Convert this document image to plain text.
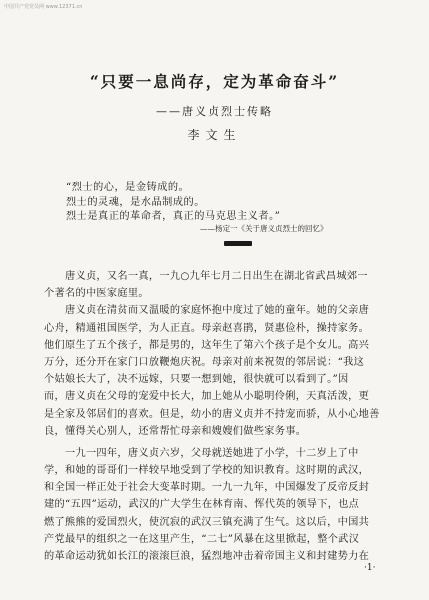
中国共产党党员网 www.12371.cn
“只要一息尚存，定为革命奋斗”
——唐义贞烈士传略
李文生
“烈士的心，是金铸成的。
烈士的灵魂，是水晶制成的。
烈士是真正的革命者，真正的马克思主义者。”
——杨定一《关于唐义贞烈士的回忆》
　　唐义贞，又名一真，一九○九年七月二日出生在湖北省武昌城郊一
个著名的中医家庭里。
　　唐义贞在清贫而又温暖的家庭怀抱中度过了她的童年。她的父亲唐
心舟，精通祖国医学，为人正直。母亲赵喜鹃，贤惠俭朴，操持家务。
他们原生了五个孩子，都是男的，这年生了第六个孩子是个女儿。高兴
万分，还分开在家门口放鞭炮庆祝。母亲对前来祝贺的邻居说：“我这
个姑娘长大了，决不远嫁，只要一想到她，很快就可以看到了。”因
而，唐义贞在父母的宠爱中长大，加上她从小聪明伶俐，天真活泼，更
是全家及邻居们的喜欢。但是，幼小的唐义贞并不持宠而骄，从小心地善
良，懂得关心别人，还常帮忙母亲和嫂嫂们做些家务事。
　　一九一四年，唐义贞六岁，父母就送她进了小学，十二岁上了中
学，和她的哥哥们一样较早地受到了学校的知识教育。这时期的武汉，
和全国一样正处于社会大变革时期。一九一九年，中国爆发了反帝反封
建的“五四”运动，武汉的广大学生在林育南、恽代英的领导下，也点
燃了熊熊的爱国烈火，使沉寂的武汉三镇充满了生气。这以后，中国共
产党最早的组织之一在这里产生，“二七”风暴在这里掀起，整个武汉
的革命运动犹如长江的滚滚巨浪，猛烈地冲击着帝国主义和封建势力在
·1·
